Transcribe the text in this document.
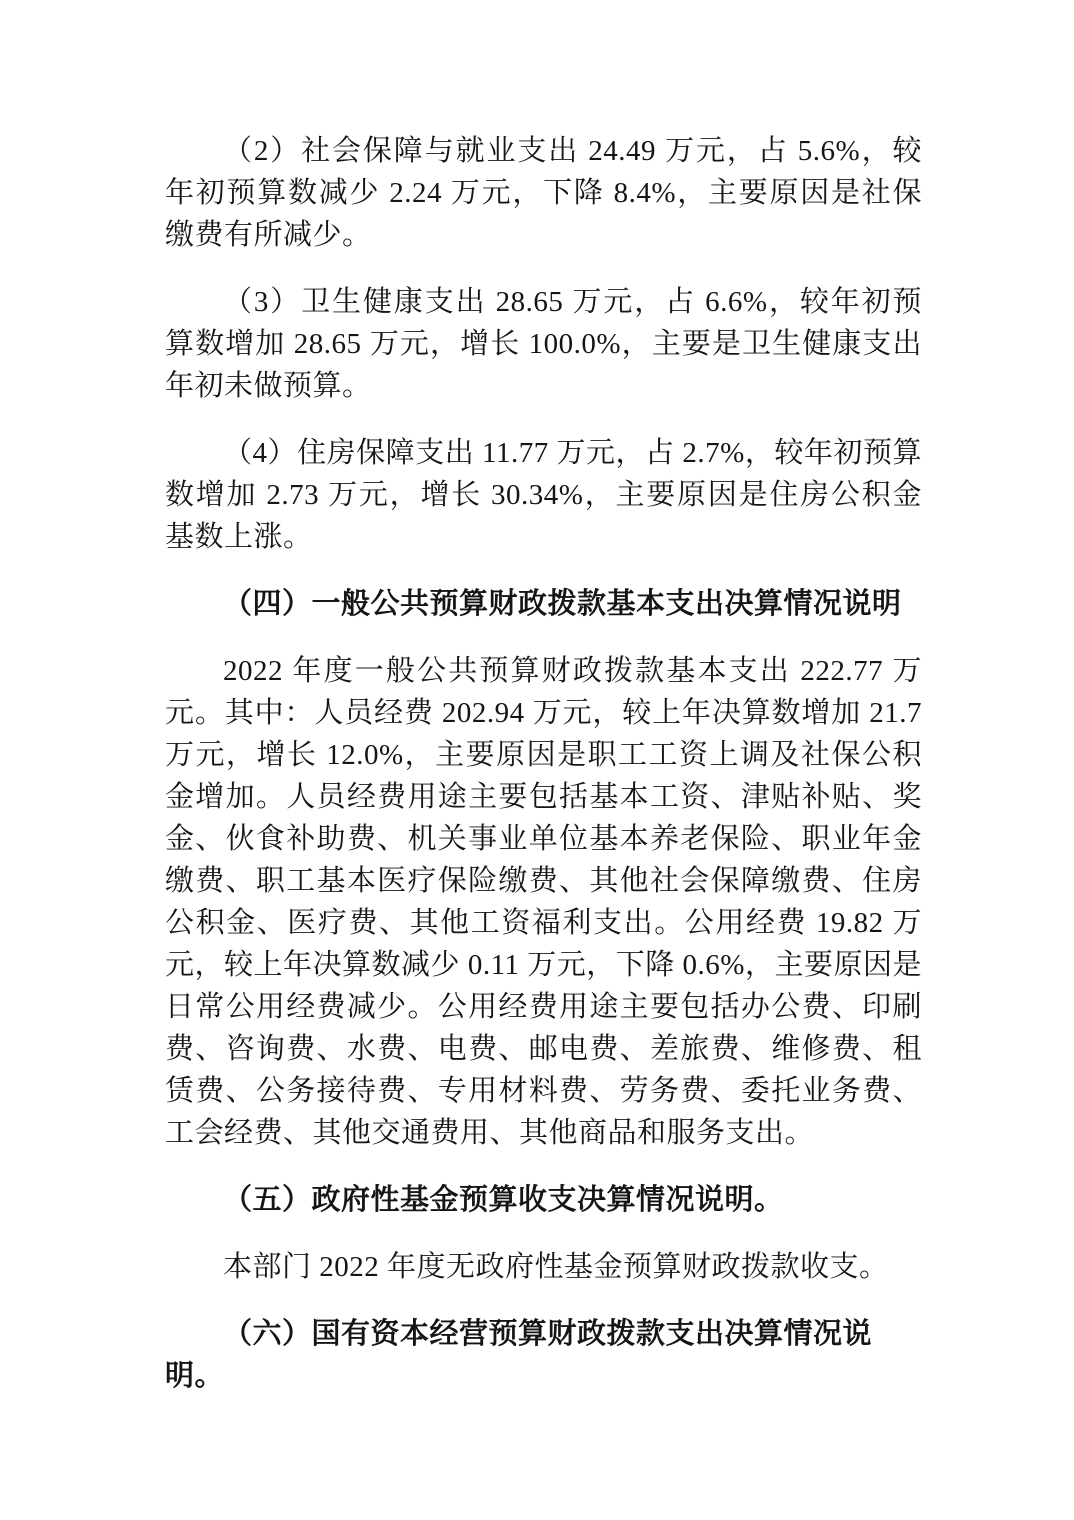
（2）社会保障与就业支出 24.49 万元，占 5.6%，较年初预算数减少 2.24 万元，下降 8.4%，主要原因是社保缴费有所减少。

（3）卫生健康支出 28.65 万元，占 6.6%，较年初预算数增加 28.65 万元，增长 100.0%，主要是卫生健康支出年初未做预算。

（4）住房保障支出 11.77 万元，占 2.7%，较年初预算数增加 2.73 万元，增长 30.34%，主要原因是住房公积金基数上涨。

（四）一般公共预算财政拨款基本支出决算情况说明

2022 年度一般公共预算财政拨款基本支出 222.77 万元。其中：人员经费 202.94 万元，较上年决算数增加 21.7 万元，增长 12.0%，主要原因是职工工资上调及社保公积金增加。人员经费用途主要包括基本工资、津贴补贴、奖金、伙食补助费、机关事业单位基本养老保险、职业年金缴费、职工基本医疗保险缴费、其他社会保障缴费、住房公积金、医疗费、其他工资福利支出。公用经费 19.82 万元，较上年决算数减少 0.11 万元，下降 0.6%，主要原因是日常公用经费减少。公用经费用途主要包括办公费、印刷费、咨询费、水费、电费、邮电费、差旅费、维修费、租赁费、公务接待费、专用材料费、劳务费、委托业务费、工会经费、其他交通费用、其他商品和服务支出。

（五）政府性基金预算收支决算情况说明。

本部门 2022 年度无政府性基金预算财政拨款收支。

（六）国有资本经营预算财政拨款支出决算情况说明。
